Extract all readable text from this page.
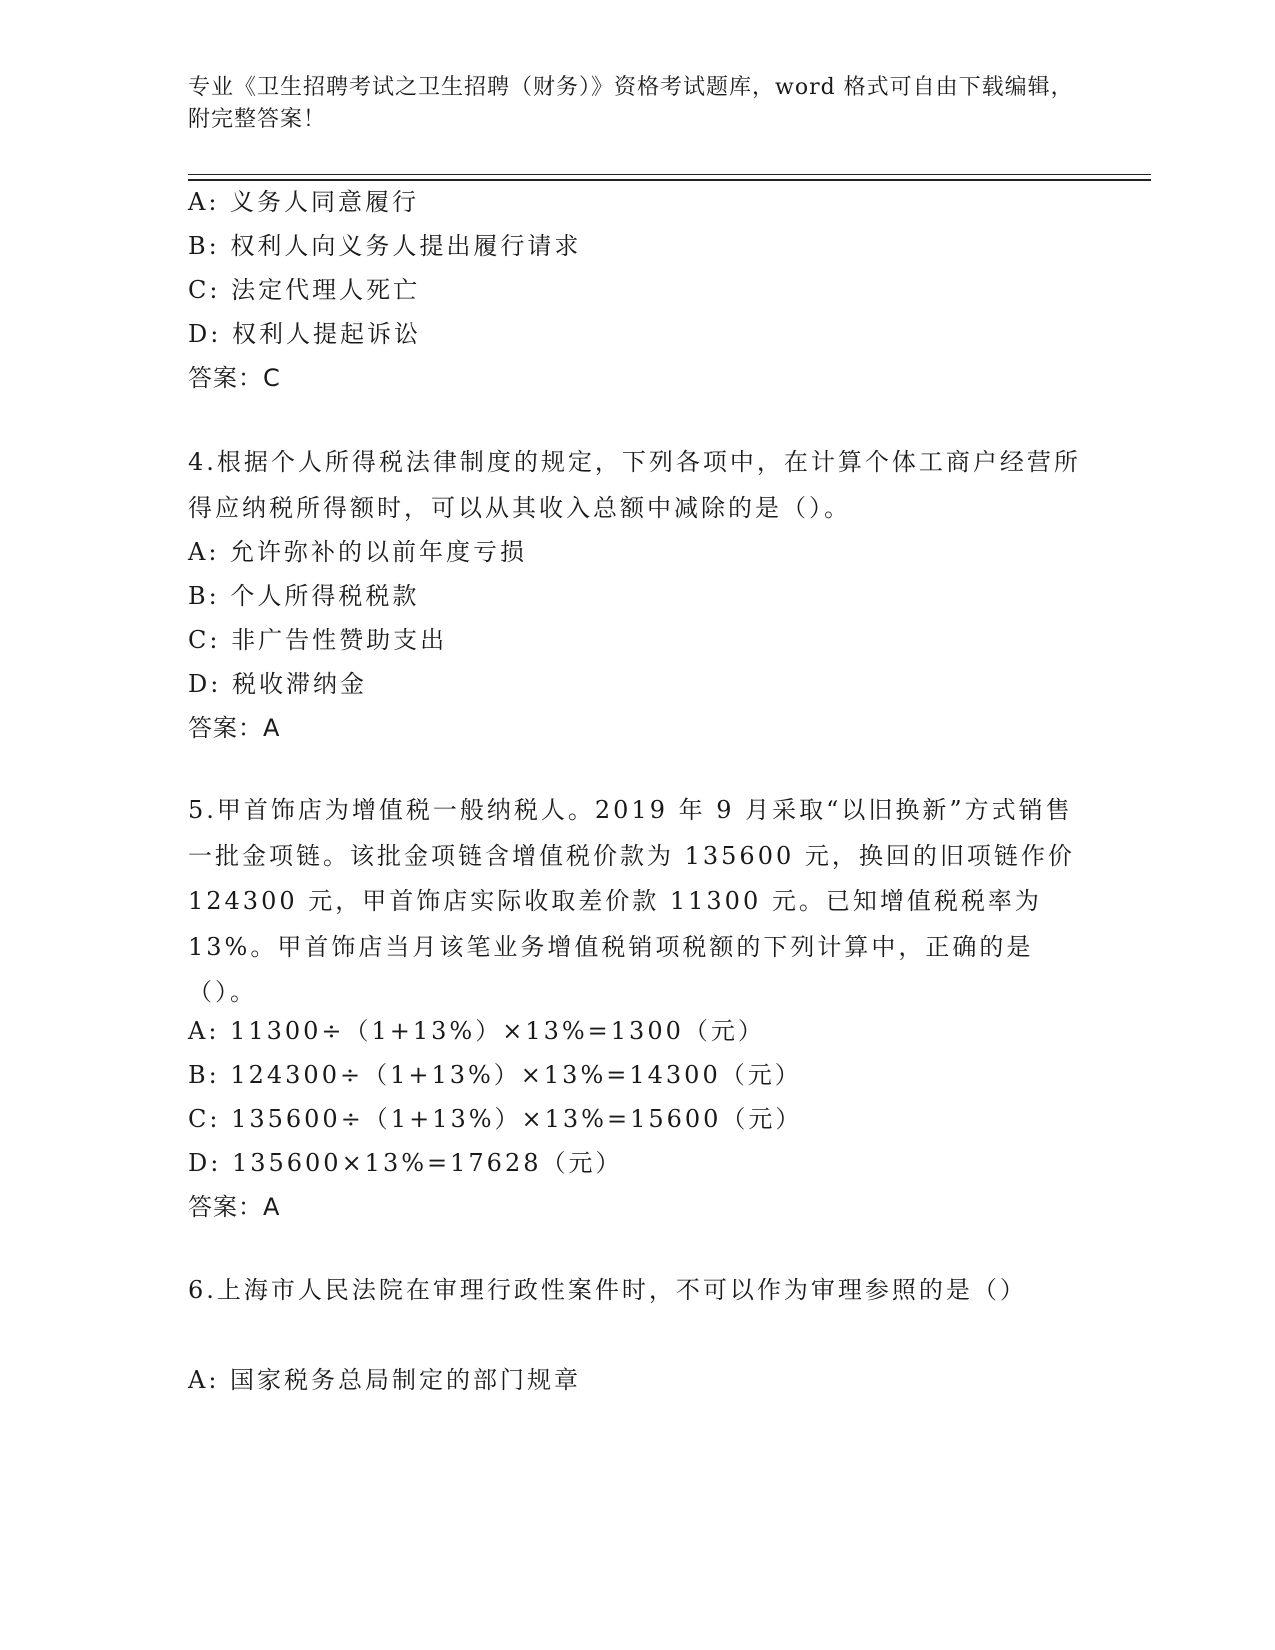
专业《卫生招聘考试之卫生招聘（财务）》资格考试题库，word 格式可自由下载编辑，附完整答案！
A: 义务人同意履行
B: 权利人向义务人提出履行请求
C: 法定代理人死亡
D: 权利人提起诉讼
答案：C
4.根据个人所得税法律制度的规定，下列各项中，在计算个体工商户经营所得应纳税所得额时，可以从其收入总额中减除的是（）。
A: 允许弥补的以前年度亏损
B: 个人所得税税款
C: 非广告性赞助支出
D: 税收滞纳金
答案：A
5.甲首饰店为增值税一般纳税人。2019 年 9 月采取“以旧换新”方式销售一批金项链。该批金项链含增值税价款为 135600 元，换回的旧项链作价 124300 元，甲首饰店实际收取差价款 11300 元。已知增值税税率为 13%。甲首饰店当月该笔业务增值税销项税额的下列计算中，正确的是（）。
A: 11300÷（1+13%）×13%=1300（元）
B: 124300÷（1+13%）×13%=14300（元）
C: 135600÷（1+13%）×13%=15600（元）
D: 135600×13%=17628（元）
答案：A
6.上海市人民法院在审理行政性案件时，不可以作为审理参照的是（）
A: 国家税务总局制定的部门规章
